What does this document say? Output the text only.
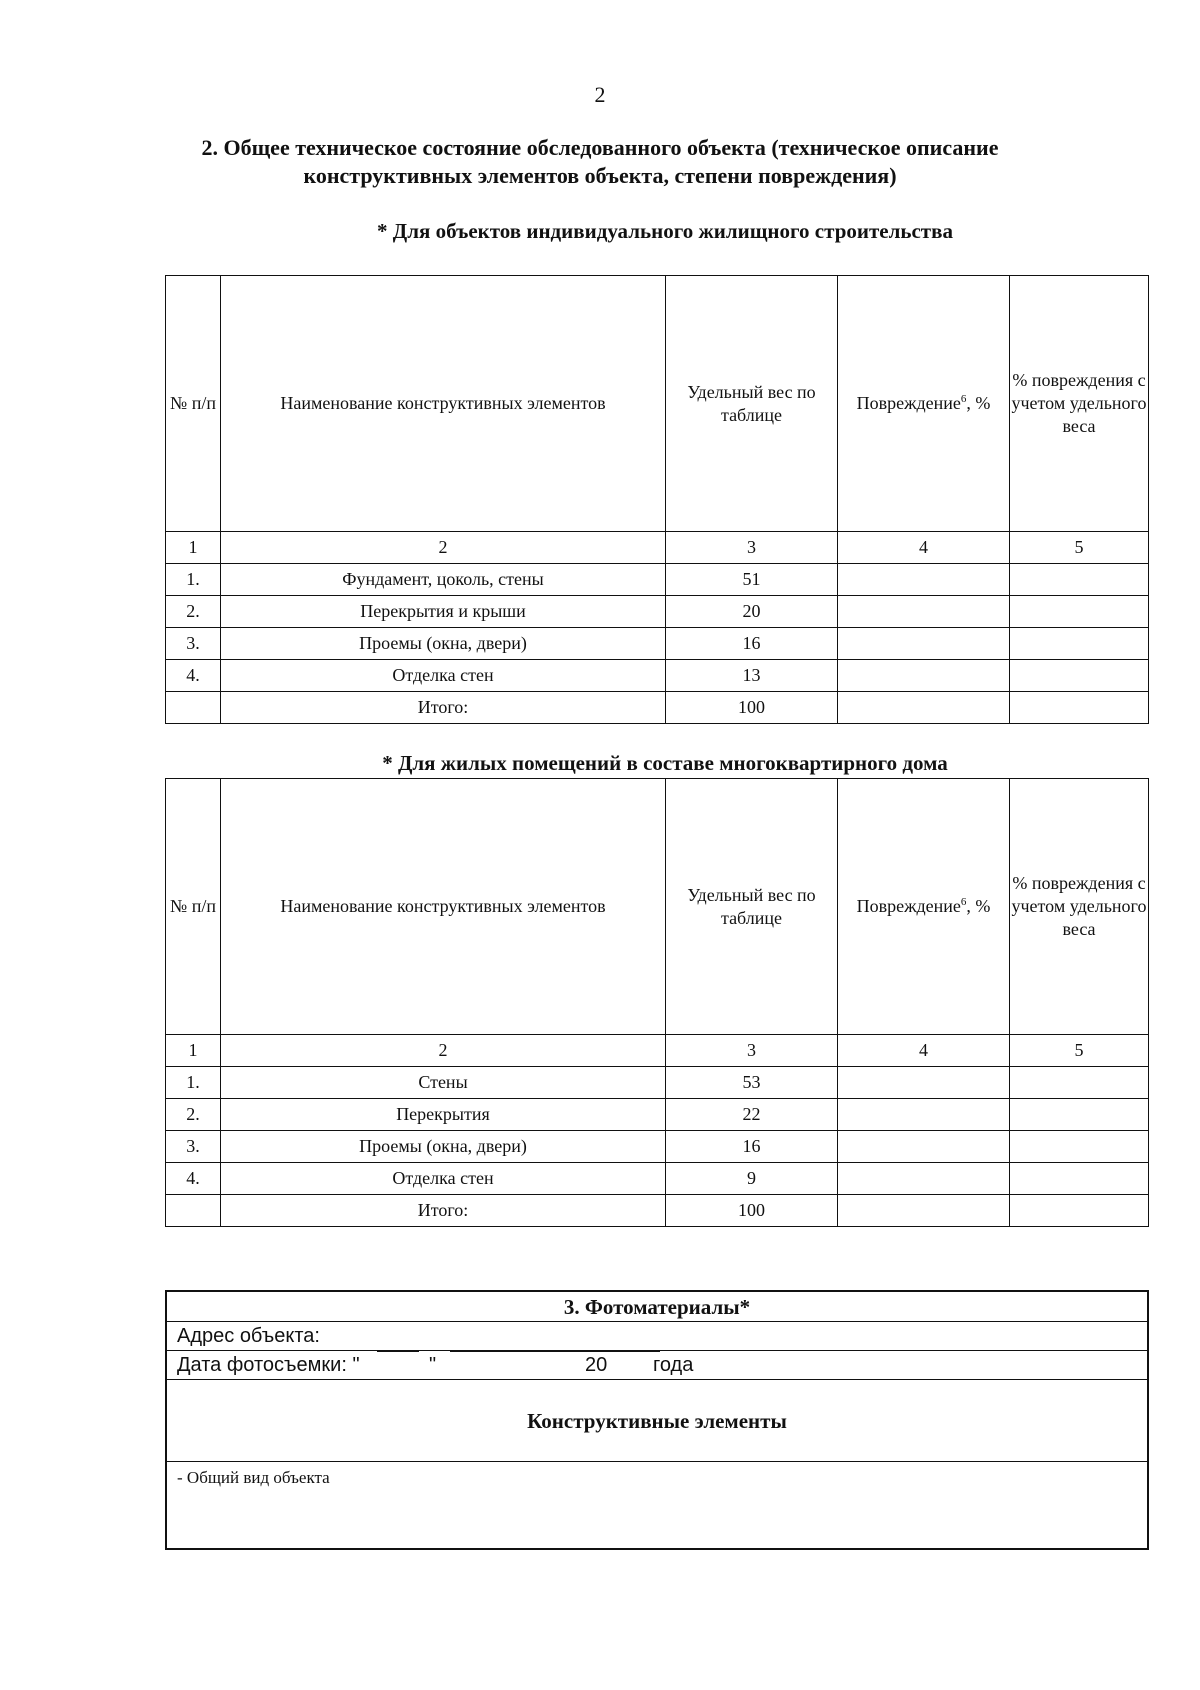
2
2. Общее техническое состояние обследованного объекта (техническое описание конструктивных элементов объекта, степени повреждения)
* Для объектов индивидуального жилищного строительства
№ п/п	Наименование конструктивных элементов	Удельный вес по таблице	Повреждение$^6$, %	% повреждения с учетом удельного веса
1	2	3	4	5
1.	Фундамент, цоколь, стены	51		
2.	Перекрытия и крыши	20		
3.	Проемы (окна, двери)	16		
4.	Отделка стен	13		
	Итого:	100		
* Для жилых помещений в составе многоквартирного дома
№ п/п	Наименование конструктивных элементов	Удельный вес по таблице	Повреждение$^6$, %	% повреждения с учетом удельного веса
1	2	3	4	5
1.	Стены	53		
2.	Перекрытия	22		
3.	Проемы (окна, двери)	16		
4.	Отделка стен	9		
	Итого:	100		
3. Фотоматериалы*
Адрес объекта:
Дата фотосъемки: "	"	20 года
Конструктивные элементы
- Общий вид объекта
